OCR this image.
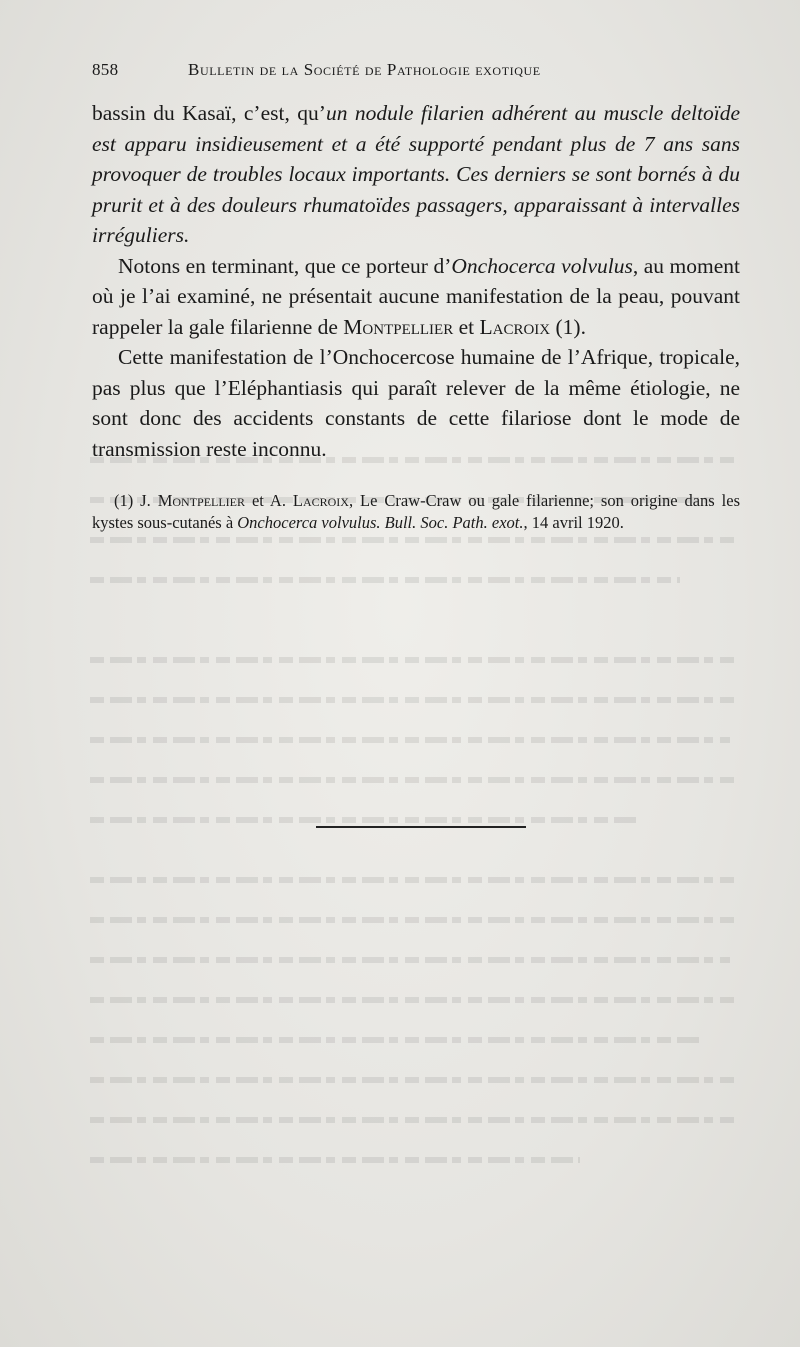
858	Bulletin de la Société de Pathologie exotique

bassin du Kasaï, c’est, qu’un nodule filarien adhérent au muscle deltoïde est apparu insidieusement et a été supporté pendant plus de 7 ans sans provoquer de troubles locaux importants. Ces derniers se sont bornés à du prurit et à des douleurs rhumatoïdes passagers, apparaissant à intervalles irréguliers.

Notons en terminant, que ce porteur d’Onchocerca volvulus, au moment où je l’ai examiné, ne présentait aucune manifestation de la peau, pouvant rappeler la gale filarienne de Montpellier et Lacroix (1).

Cette manifestation de l’Onchocercose humaine de l’Afrique, tropicale, pas plus que l’Eléphantiasis qui paraît relever de la même étiologie, ne sont donc des accidents constants de cette filariose dont le mode de transmission reste inconnu.

(1) J. Montpellier et A. Lacroix, Le Craw-Craw ou gale filarienne; son origine dans les kystes sous-cutanés à Onchocerca volvulus. Bull. Soc. Path. exot., 14 avril 1920.
